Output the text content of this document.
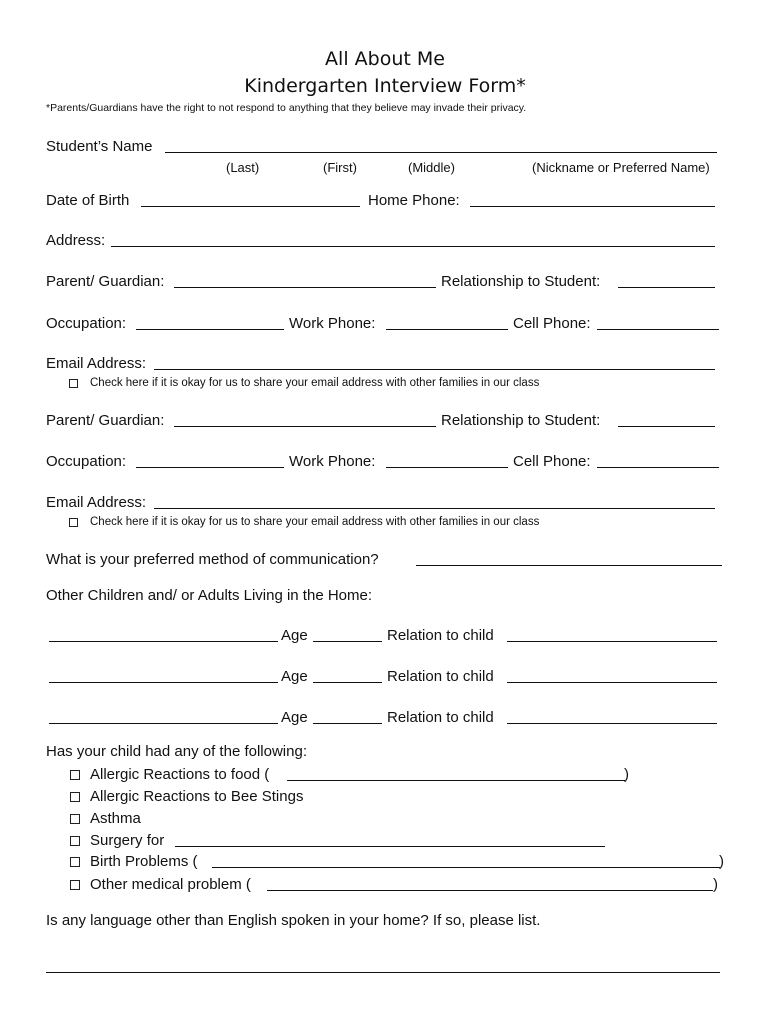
All About Me
Kindergarten Interview Form*
*Parents/Guardians have the right to not respond to anything that they believe may invade their privacy.
Student’s Name
(Last)	(First)	(Middle)	(Nickname or Preferred Name)
Date of Birth	Home Phone:
Address:
Parent/ Guardian:	Relationship to Student:
Occupation:	Work Phone:	Cell Phone:
Email Address:
Check here if it is okay for us to share your email address with other families in our class
Parent/ Guardian:	Relationship to Student:
Occupation:	Work Phone:	Cell Phone:
Email Address:
Check here if it is okay for us to share your email address with other families in our class
What is your preferred method of communication?
Other Children and/ or Adults Living in the Home:
Age	Relation to child
Age	Relation to child
Age	Relation to child
Has your child had any of the following:
Allergic Reactions to food (	)
Allergic Reactions to Bee Stings
Asthma
Surgery for
Birth Problems (	)
Other medical problem (	)
Is any language other than English spoken in your home? If so, please list.
